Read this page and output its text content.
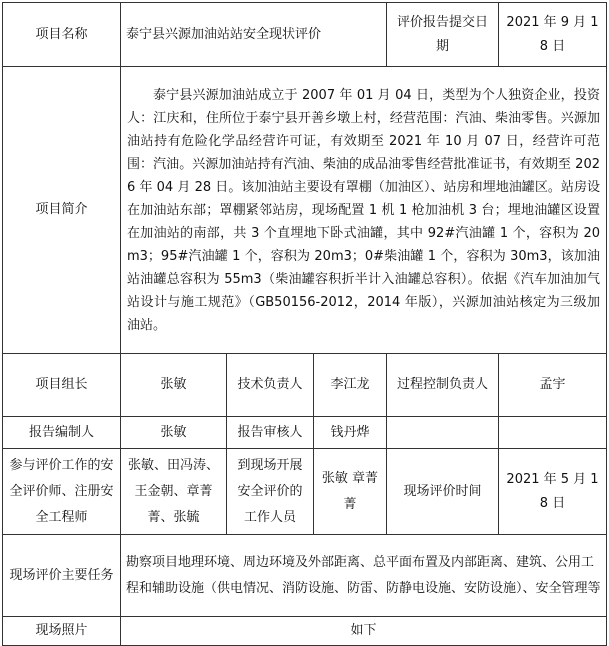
项目名称	泰宁县兴源加油站站安全现状评价			评价报告提交日期	2021 年 9 月 18 日
项目简介	泰宁县兴源加油站成立于 2007 年 01 月 04 日，类型为个人独资企业，投资人：江庆和，住所位于泰宁县开善乡墩上村，经营范围：汽油、柴油零售。兴源加油站持有危险化学品经营许可证，有效期至 2021 年 10 月 07 日，经营许可范围：汽油。兴源加油站持有汽油、柴油的成品油零售经营批准证书，有效期至 2026 年 04 月 28 日。该加油站主要设有罩棚（加油区）、站房和埋地油罐区。站房设在加油站东部；罩棚紧邻站房，现场配置 1 机 1 枪加油机 3 台；埋地油罐区设置在加油站的南部，共 3 个直埋地下卧式油罐，其中 92#汽油罐 1 个，容积为 20m3；95#汽油罐 1 个，容积为 20m3；0#柴油罐 1 个，容积为 30m3，该加油站油罐总容积为 55m3（柴油罐容积折半计入油罐总容积）。依据《汽车加油加气站设计与施工规范》（GB50156-2012，2014 年版），兴源加油站核定为三级加油站。				
项目组长	张敏	技术负责人	李江龙	过程控制负责人	孟宇
报告编制人	张敏	报告审核人	钱丹烨		
参与评价工作的安全评价师、注册安全工程师	张敏、田冯涛、王金朝、章菁菁、张毓	到现场开展安全评价的工作人员	张敏 章菁菁	现场评价时间	2021 年 5 月 18 日
现场评价主要任务	勘察项目地理环境、周边环境及外部距离、总平面布置及内部距离、建筑、公用工程和辅助设施（供电情况、消防设施、防雷、防静电设施、安防设施）、安全管理等				
现场照片	如下				
